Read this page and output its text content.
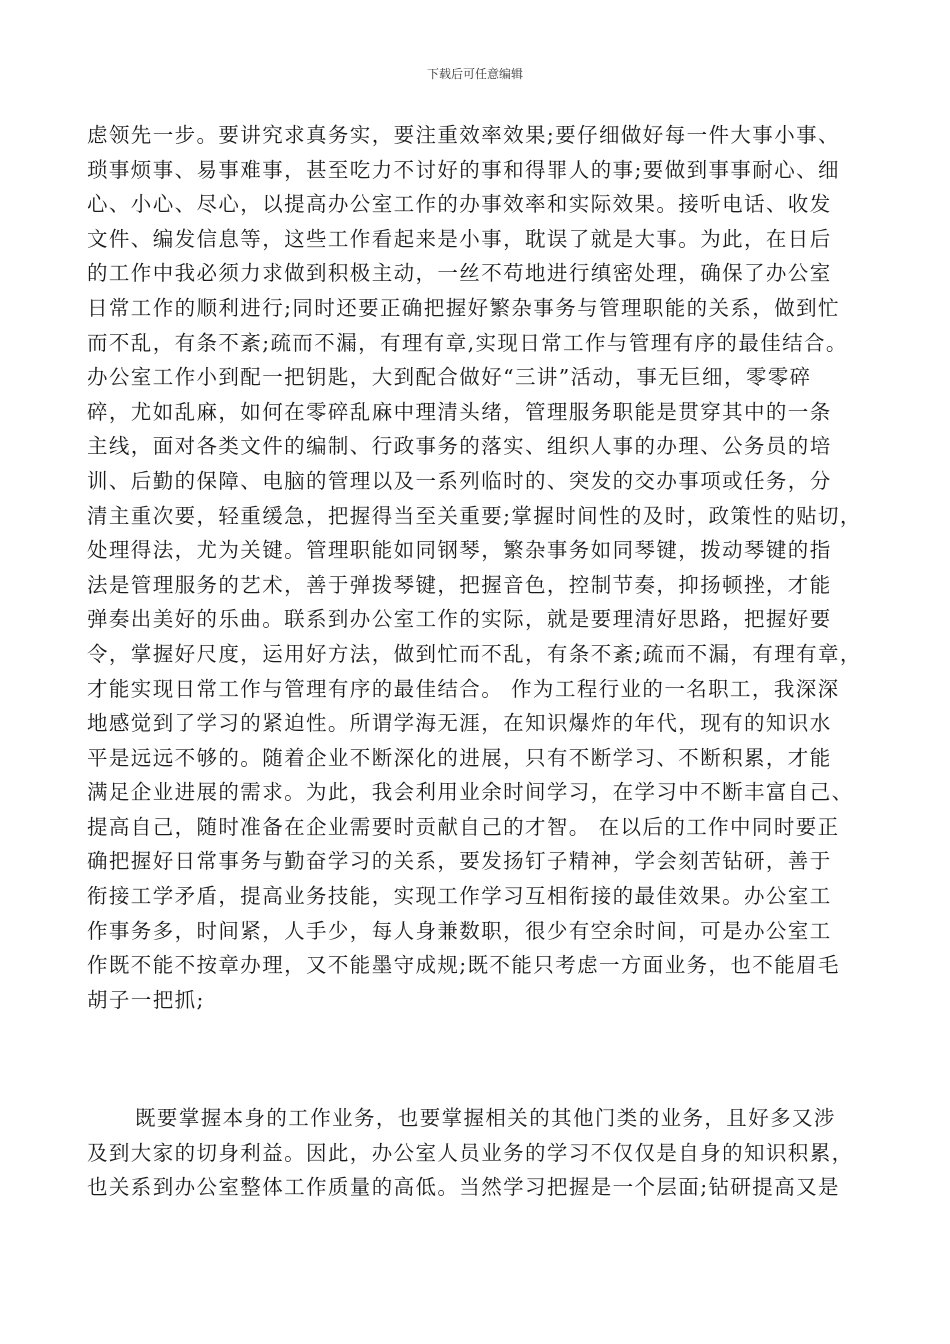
下载后可任意编辑
虑领先一步。要讲究求真务实，要注重效率效果;要仔细做好每一件大事小事、
琐事烦事、易事难事，甚至吃力不讨好的事和得罪人的事;要做到事事耐心、细
心、小心、尽心，以提高办公室工作的办事效率和实际效果。接听电话、收发
文件、编发信息等，这些工作看起来是小事，耽误了就是大事。为此，在日后
的工作中我必须力求做到积极主动，一丝不苟地进行缜密处理，确保了办公室
日常工作的顺利进行;同时还要正确把握好繁杂事务与管理职能的关系，做到忙
而不乱，有条不紊;疏而不漏，有理有章,实现日常工作与管理有序的最佳结合。
办公室工作小到配一把钥匙，大到配合做好“三讲”活动，事无巨细，零零碎
碎，尤如乱麻，如何在零碎乱麻中理清头绪，管理服务职能是贯穿其中的一条
主线，面对各类文件的编制、行政事务的落实、组织人事的办理、公务员的培
训、后勤的保障、电脑的管理以及一系列临时的、突发的交办事项或任务，分
清主重次要，轻重缓急，把握得当至关重要;掌握时间性的及时，政策性的贴切，
处理得法，尤为关键。管理职能如同钢琴，繁杂事务如同琴键，拨动琴键的指
法是管理服务的艺术，善于弹拨琴键，把握音色，控制节奏，抑扬顿挫，才能
弹奏出美好的乐曲。联系到办公室工作的实际，就是要理清好思路，把握好要
令，掌握好尺度，运用好方法，做到忙而不乱，有条不紊;疏而不漏，有理有章，
才能实现日常工作与管理有序的最佳结合。 作为工程行业的一名职工，我深深
地感觉到了学习的紧迫性。所谓学海无涯，在知识爆炸的年代，现有的知识水
平是远远不够的。随着企业不断深化的进展，只有不断学习、不断积累，才能
满足企业进展的需求。为此，我会利用业余时间学习，在学习中不断丰富自己、
提高自己，随时准备在企业需要时贡献自己的才智。 在以后的工作中同时要正
确把握好日常事务与勤奋学习的关系，要发扬钉子精神，学会刻苦钻研，善于
衔接工学矛盾，提高业务技能，实现工作学习互相衔接的最佳效果。办公室工
作事务多，时间紧，人手少，每人身兼数职，很少有空余时间，可是办公室工
作既不能不按章办理，又不能墨守成规;既不能只考虑一方面业务，也不能眉毛
胡子一把抓;
既要掌握本身的工作业务，也要掌握相关的其他门类的业务，且好多又涉
及到大家的切身利益。因此，办公室人员业务的学习不仅仅是自身的知识积累，
也关系到办公室整体工作质量的高低。当然学习把握是一个层面;钻研提高又是
